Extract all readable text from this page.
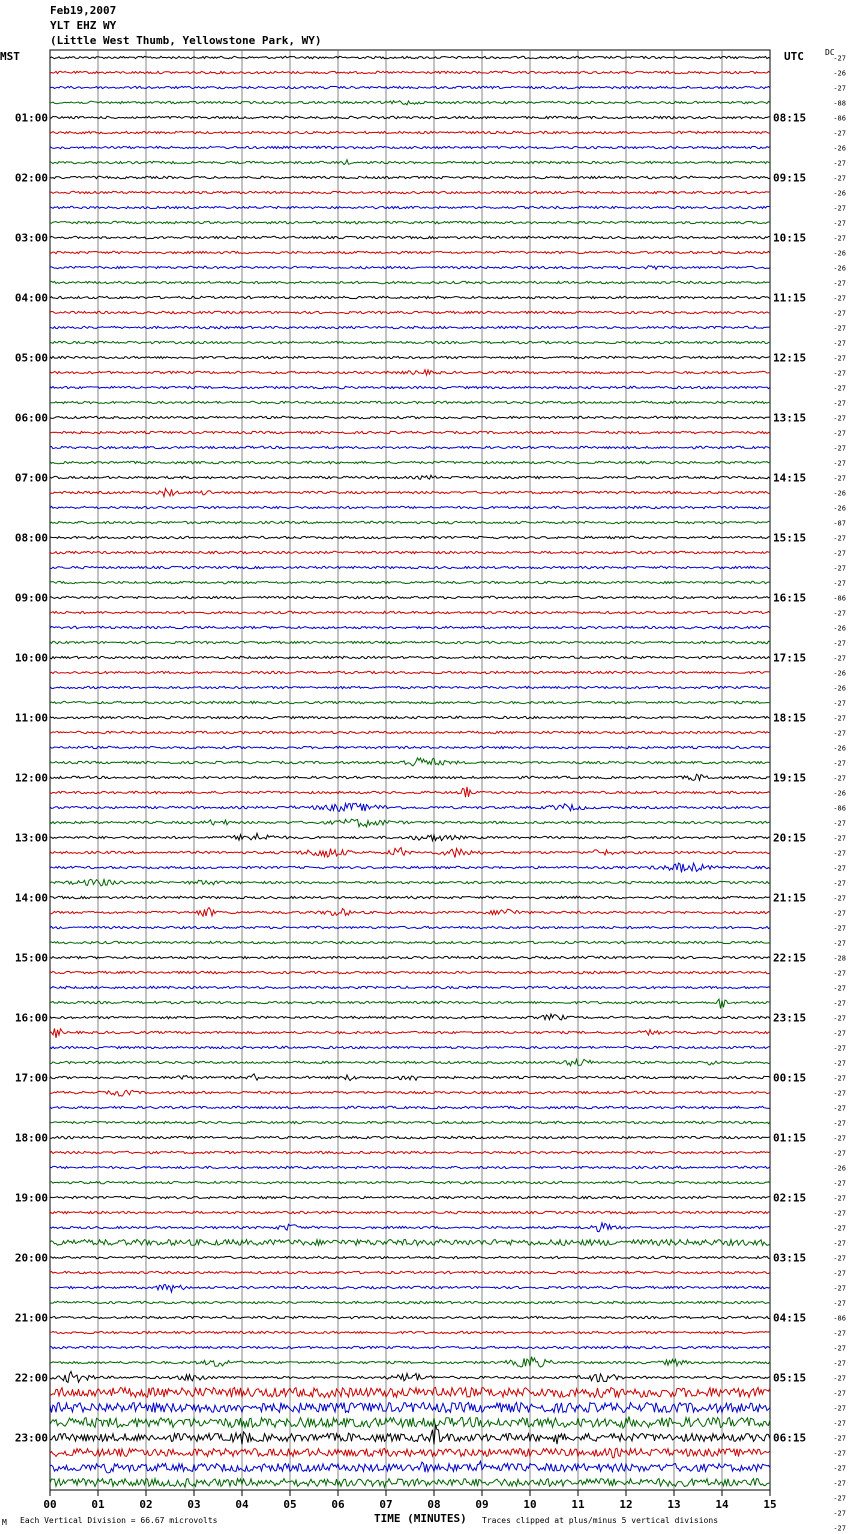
Feb19,2007
YLT EHZ WY
(Little West Thumb, Yellowstone Park, WY)
MST	UTC	DC
00	01	02	03	04	05	06	07	08	09	10	11	12	13	14	15
01:00	08:15
02:00	09:15
03:00	10:15
04:00	11:15
05:00	12:15
06:00	13:15
07:00	14:15
08:00	15:15
09:00	16:15
10:00	17:15
11:00	18:15
12:00	19:15
13:00	20:15
14:00	21:15
15:00	22:15
16:00	23:15
17:00	00:15
18:00	01:15
19:00	02:15
20:00	03:15
21:00	04:15
22:00	05:15
23:00	06:15
-27
-26
-27
-88
-86
-27
-26
-27
-27
-26
-27
-27
-27
-26
-26
-27
-27
-27
-27
-27
-27
-27
-27
-27
-27
-27
-27
-27
-27
-26
-26
-87
-27
-27
-27
-27
-86
-27
-26
-27
-27
-26
-26
-27
-27
-27
-26
-27
-27
-26
-86
-27
-27
-27
-27
-27
-27
-27
-27
-27
-28
-27
-27
-27
-27
-27
-27
-27
-27
-27
-27
-27
-27
-27
-26
-27
-27
-27
-27
-27
-27
-27
-27
-27
-86
-27
-27
-27
-27
-27
-27
-27
-27
-27
-27
-27
-27
-27
-27
M Each Vertical Division = 66.67 microvolts	TIME (MINUTES) Traces clipped at plus/minus 5 vertical divisions
